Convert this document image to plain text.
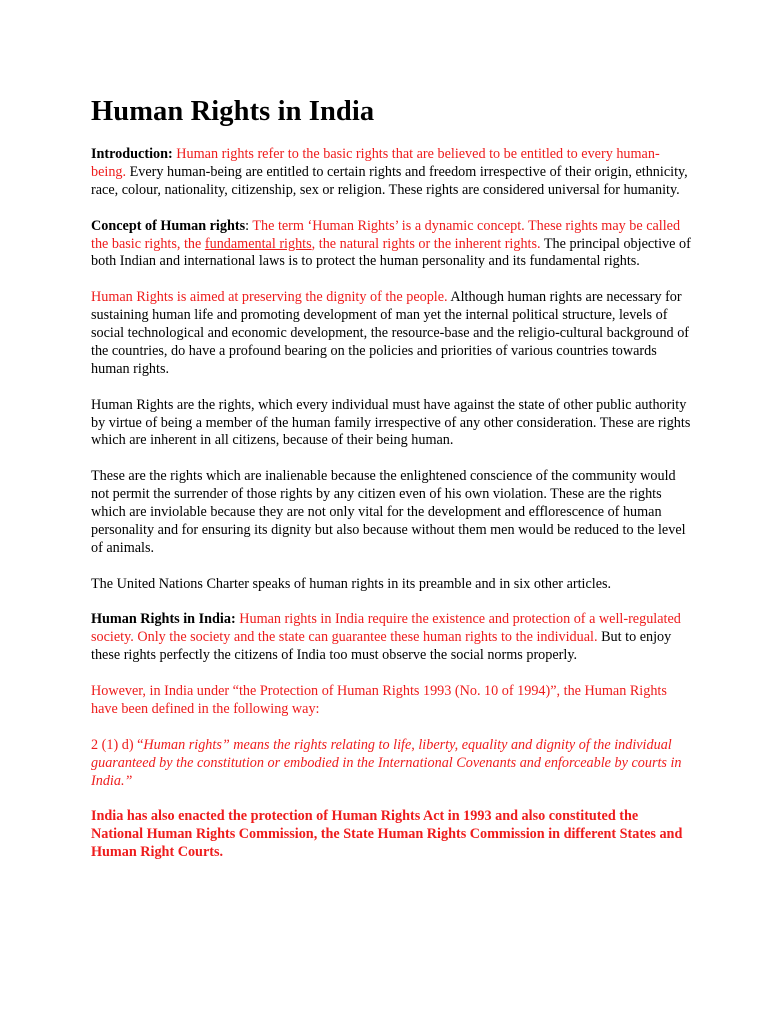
Human Rights in India

Introduction: Human rights refer to the basic rights that are believed to be entitled to every human-being. Every human-being are entitled to certain rights and freedom irrespective of their origin, ethnicity, race, colour, nationality, citizenship, sex or religion. These rights are considered universal for humanity.

Concept of Human rights: The term ‘Human Rights’ is a dynamic concept. These rights may be called the basic rights, the fundamental rights, the natural rights or the inherent rights. The principal objective of both Indian and international laws is to protect the human personality and its fundamental rights.

Human Rights is aimed at preserving the dignity of the people. Although human rights are necessary for sustaining human life and promoting development of man yet the internal political structure, levels of social technological and economic development, the resource-base and the religio-cultural background of the countries, do have a profound bearing on the policies and priorities of various countries towards human rights.

Human Rights are the rights, which every individual must have against the state of other public authority by virtue of being a member of the human family irrespective of any other consideration. These are rights which are inherent in all citizens, because of their being human.

These are the rights which are inalienable because the enlightened conscience of the community would not permit the surrender of those rights by any citizen even of his own violation. These are the rights which are inviolable because they are not only vital for the development and efflorescence of human personality and for ensuring its dignity but also because without them men would be reduced to the level of animals.

The United Nations Charter speaks of human rights in its preamble and in six other articles.

Human Rights in India: Human rights in India require the existence and protection of a well-regulated society. Only the society and the state can guarantee these human rights to the individual. But to enjoy these rights perfectly the citizens of India too must observe the social norms properly.

However, in India under “the Protection of Human Rights 1993 (No. 10 of 1994)”, the Human Rights have been defined in the following way:

2 (1) d) “Human rights” means the rights relating to life, liberty, equality and dignity of the individual guaranteed by the constitution or embodied in the International Covenants and enforceable by courts in India.”

India has also enacted the protection of Human Rights Act in 1993 and also constituted the National Human Rights Commission, the State Human Rights Commission in different States and Human Right Courts.
